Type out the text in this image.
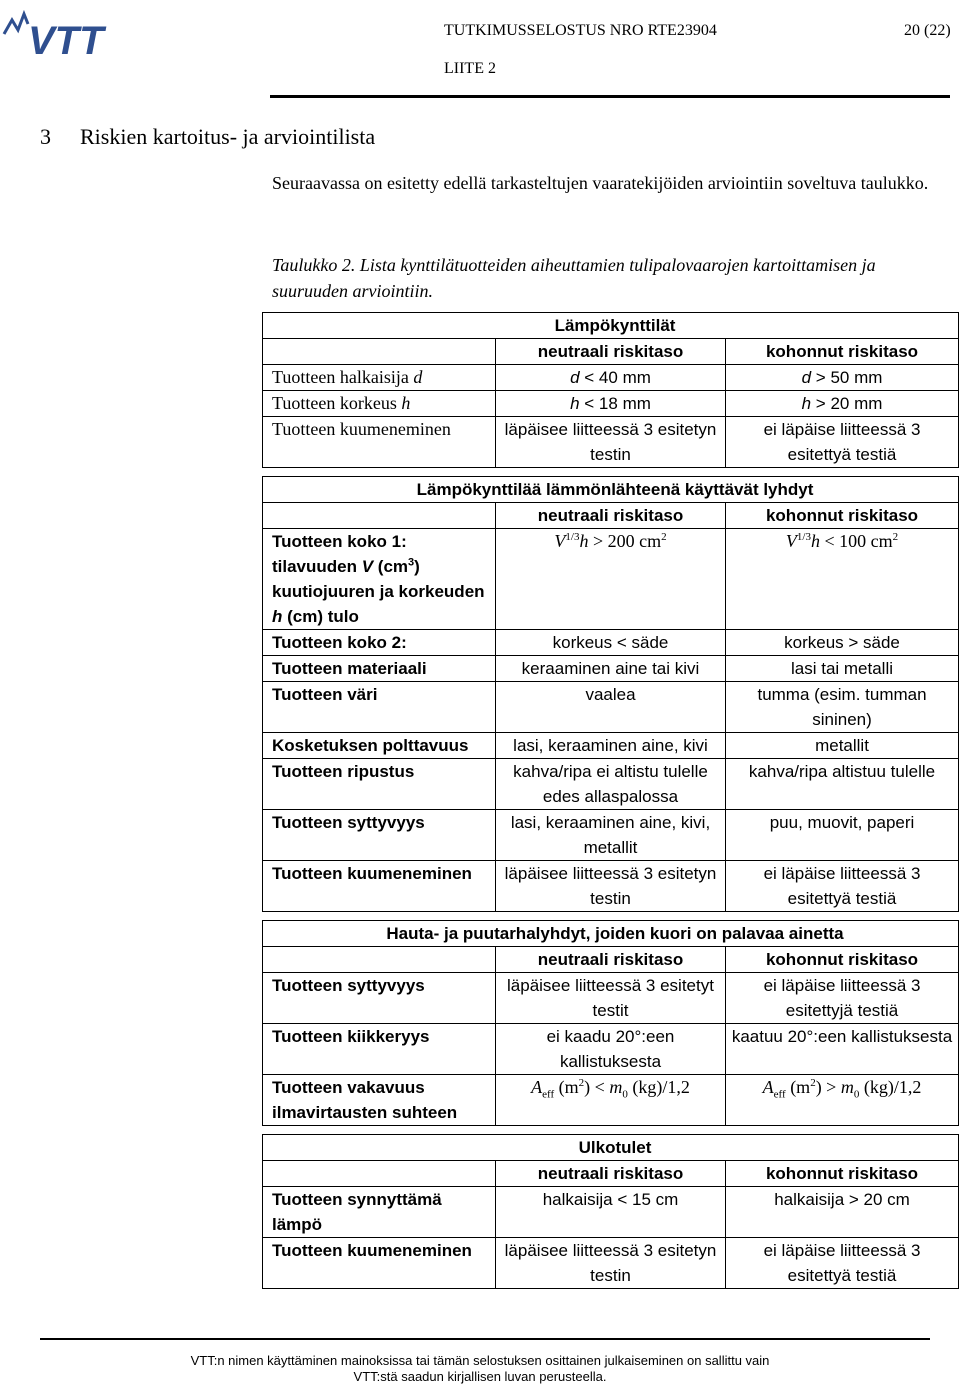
VTT	TUTKIMUSSELOSTUS NRO RTE23904	20 (22)
LIITE 2
3 Riskien kartoitus- ja arviointilista
Seuraavassa on esitetty edellä tarkasteltujen vaaratekijöiden arviointiin soveltuva taulukko.
Taulukko 2. Lista kynttilätuotteiden aiheuttamien tulipalovaarojen kartoittamisen ja suuruuden arviointiin.
Lämpökynttilät		
	neutraali riskitaso	kohonnut riskitaso
Tuotteen halkaisija d	d < 40 mm	d > 50 mm
Tuotteen korkeus h	h < 18 mm	h > 20 mm
Tuotteen kuumeneminen	läpäisee liitteessä 3 esitetyn testin	ei läpäise liitteessä 3 esitettyä testiä

Lämpökynttilää lämmönlähteenä käyttävät lyhdyt		
	neutraali riskitaso	kohonnut riskitaso
Tuotteen koko 1: tilavuuden V $(cm^3)$ kuutiojuuren ja korkeuden h (cm) tulo	$V^{1/3}h > 200$ $cm^2$	$V^{1/3}h < 100$ $cm^2$
Tuotteen koko 2:	korkeus < säde	korkeus > säde
Tuotteen materiaali	keraaminen aine tai kivi	lasi tai metalli
Tuotteen väri	vaalea	tumma (esim. tumman sininen)
Kosketuksen polttavuus	lasi, keraaminen aine, kivi	metallit
Tuotteen ripustus	kahva/ripa ei altistu tulelle edes allaspalossa	kahva/ripa altistuu tulelle
Tuotteen syttyvyys	lasi, keraaminen aine, kivi, metallit	puu, muovit, paperi
Tuotteen kuumeneminen	läpäisee liitteessä 3 esitetyn testin	ei läpäise liitteessä 3 esitettyä testiä

Hauta- ja puutarhalyhdyt, joiden kuori on palavaa ainetta		
	neutraali riskitaso	kohonnut riskitaso
Tuotteen syttyvyys	läpäisee liitteessä 3 esitetyt testit	ei läpäise liitteessä 3 esitettyjä testiä
Tuotteen kiikkeryys	ei kaadu 20°:een kallistuksesta	kaatuu 20°:een kallistuksesta
Tuotteen vakavuus ilmavirtausten suhteen	$A_{eff}$ $(m^2) < m_0$ (kg)/1,2	$A_{eff}$ $(m^2) > m_0$ (kg)/1,2

Ulkotulet		
	neutraali riskitaso	kohonnut riskitaso
Tuotteen synnyttämä lämpö	halkaisija < 15 cm	halkaisija > 20 cm
Tuotteen kuumeneminen	läpäisee liitteessä 3 esitetyn testin	ei läpäise liitteessä 3 esitettyä testiä
VTT:n nimen käyttäminen mainoksissa tai tämän selostuksen osittainen julkaiseminen on sallittu vain
VTT:stä saadun kirjallisen luvan perusteella.
